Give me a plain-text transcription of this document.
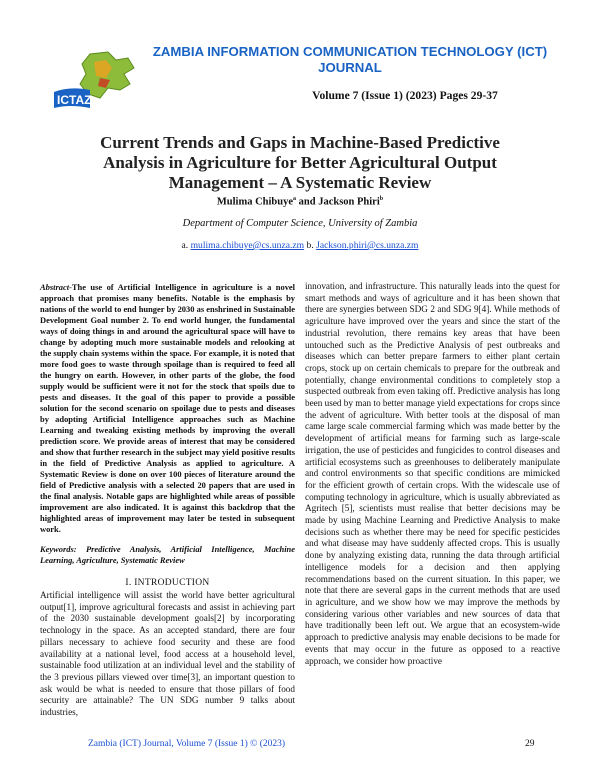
ICTAZ
ZAMBIA INFORMATION COMMUNICATION TECHNOLOGY (ICT)
JOURNAL
Volume 7 (Issue 1) (2023) Pages 29-37
Current Trends and Gaps in Machine-Based Predictive
Analysis in Agriculture for Better Agricultural Output
Management – A Systematic Review
Mulima Chibuye$^a$ and Jackson Phiri$^b$
Department of Computer Science, University of Zambia
a. mulima.chibuye@cs.unza.zm b. Jackson.phiri@cs.unza.zm
Abstract-The use of Artificial Intelligence in agriculture is a novel approach that promises many benefits. Notable is the emphasis by nations of the world to end hunger by 2030 as enshrined in Sustainable Development Goal number 2. To end world hunger, the fundamental ways of doing things in and around the agricultural space will have to change by adopting much more sustainable models and relooking at the supply chain systems within the space. For example, it is noted that more food goes to waste through spoilage than is required to feed all the hungry on earth. However, in other parts of the globe, the food supply would be sufficient were it not for the stock that spoils due to pests and diseases. It the goal of this paper to provide a possible solution for the second scenario on spoilage due to pests and diseases by adopting Artificial Intelligence approaches such as Machine Learning and tweaking existing methods by improving the overall prediction score. We provide areas of interest that may be considered and show that further research in the subject may yield positive results in the field of Predictive Analysis as applied to agriculture. A Systematic Review is done on over 100 pieces of literature around the field of Predictive analysis with a selected 20 papers that are used in the final analysis. Notable gaps are highlighted while areas of possible improvement are also indicated. It is against this backdrop that the highlighted areas of improvement may later be tested in subsequent work.
Keywords: Predictive Analysis, Artificial Intelligence, Machine Learning, Agriculture, Systematic Review
I. INTRODUCTION
Artificial intelligence will assist the world have better agricultural output[1], improve agricultural forecasts and assist in achieving part of the 2030 sustainable development goals[2] by incorporating technology in the space. As an accepted standard, there are four pillars necessary to achieve food security and these are food availability at a national level, food access at a household level, sustainable food utilization at an individual level and the stability of the 3 previous pillars viewed over time[3], an important question to ask would be what is needed to ensure that those pillars of food security are attainable? The UN SDG number 9 talks about industries,
innovation, and infrastructure. This naturally leads into the quest for smart methods and ways of agriculture and it has been shown that there are synergies between SDG 2 and SDG 9[4]. While methods of agriculture have improved over the years and since the start of the industrial revolution, there remains key areas that have been untouched such as the Predictive Analysis of pest outbreaks and diseases which can better prepare farmers to either plant certain crops, stock up on certain chemicals to prepare for the outbreak and potentially, change environmental conditions to completely stop a suspected outbreak from even taking off. Predictive analysis has long been used by man to better manage yield expectations for crops since the advent of agriculture. With better tools at the disposal of man came large scale commercial farming which was made better by the development of artificial means for farming such as large-scale irrigation, the use of pesticides and fungicides to control diseases and artificial ecosystems such as greenhouses to deliberately manipulate and control environments so that specific conditions are mimicked for the efficient growth of certain crops. With the widescale use of computing technology in agriculture, which is usually abbreviated as Agritech [5], scientists must realise that better decisions may be made by using Machine Learning and Predictive Analysis to make decisions such as whether there may be need for specific pesticides and what disease may have suddenly affected crops. This is usually done by analyzing existing data, running the data through artificial intelligence models for a decision and then applying recommendations based on the current situation. In this paper, we note that there are several gaps in the current methods that are used in agriculture, and we show how we may improve the methods by considering various other variables and new sources of data that have traditionally been left out. We argue that an ecosystem-wide approach to predictive analysis may enable decisions to be made for events that may occur in the future as opposed to a reactive approach, we consider how proactive
Zambia (ICT) Journal, Volume 7 (Issue 1) © (2023)	29
